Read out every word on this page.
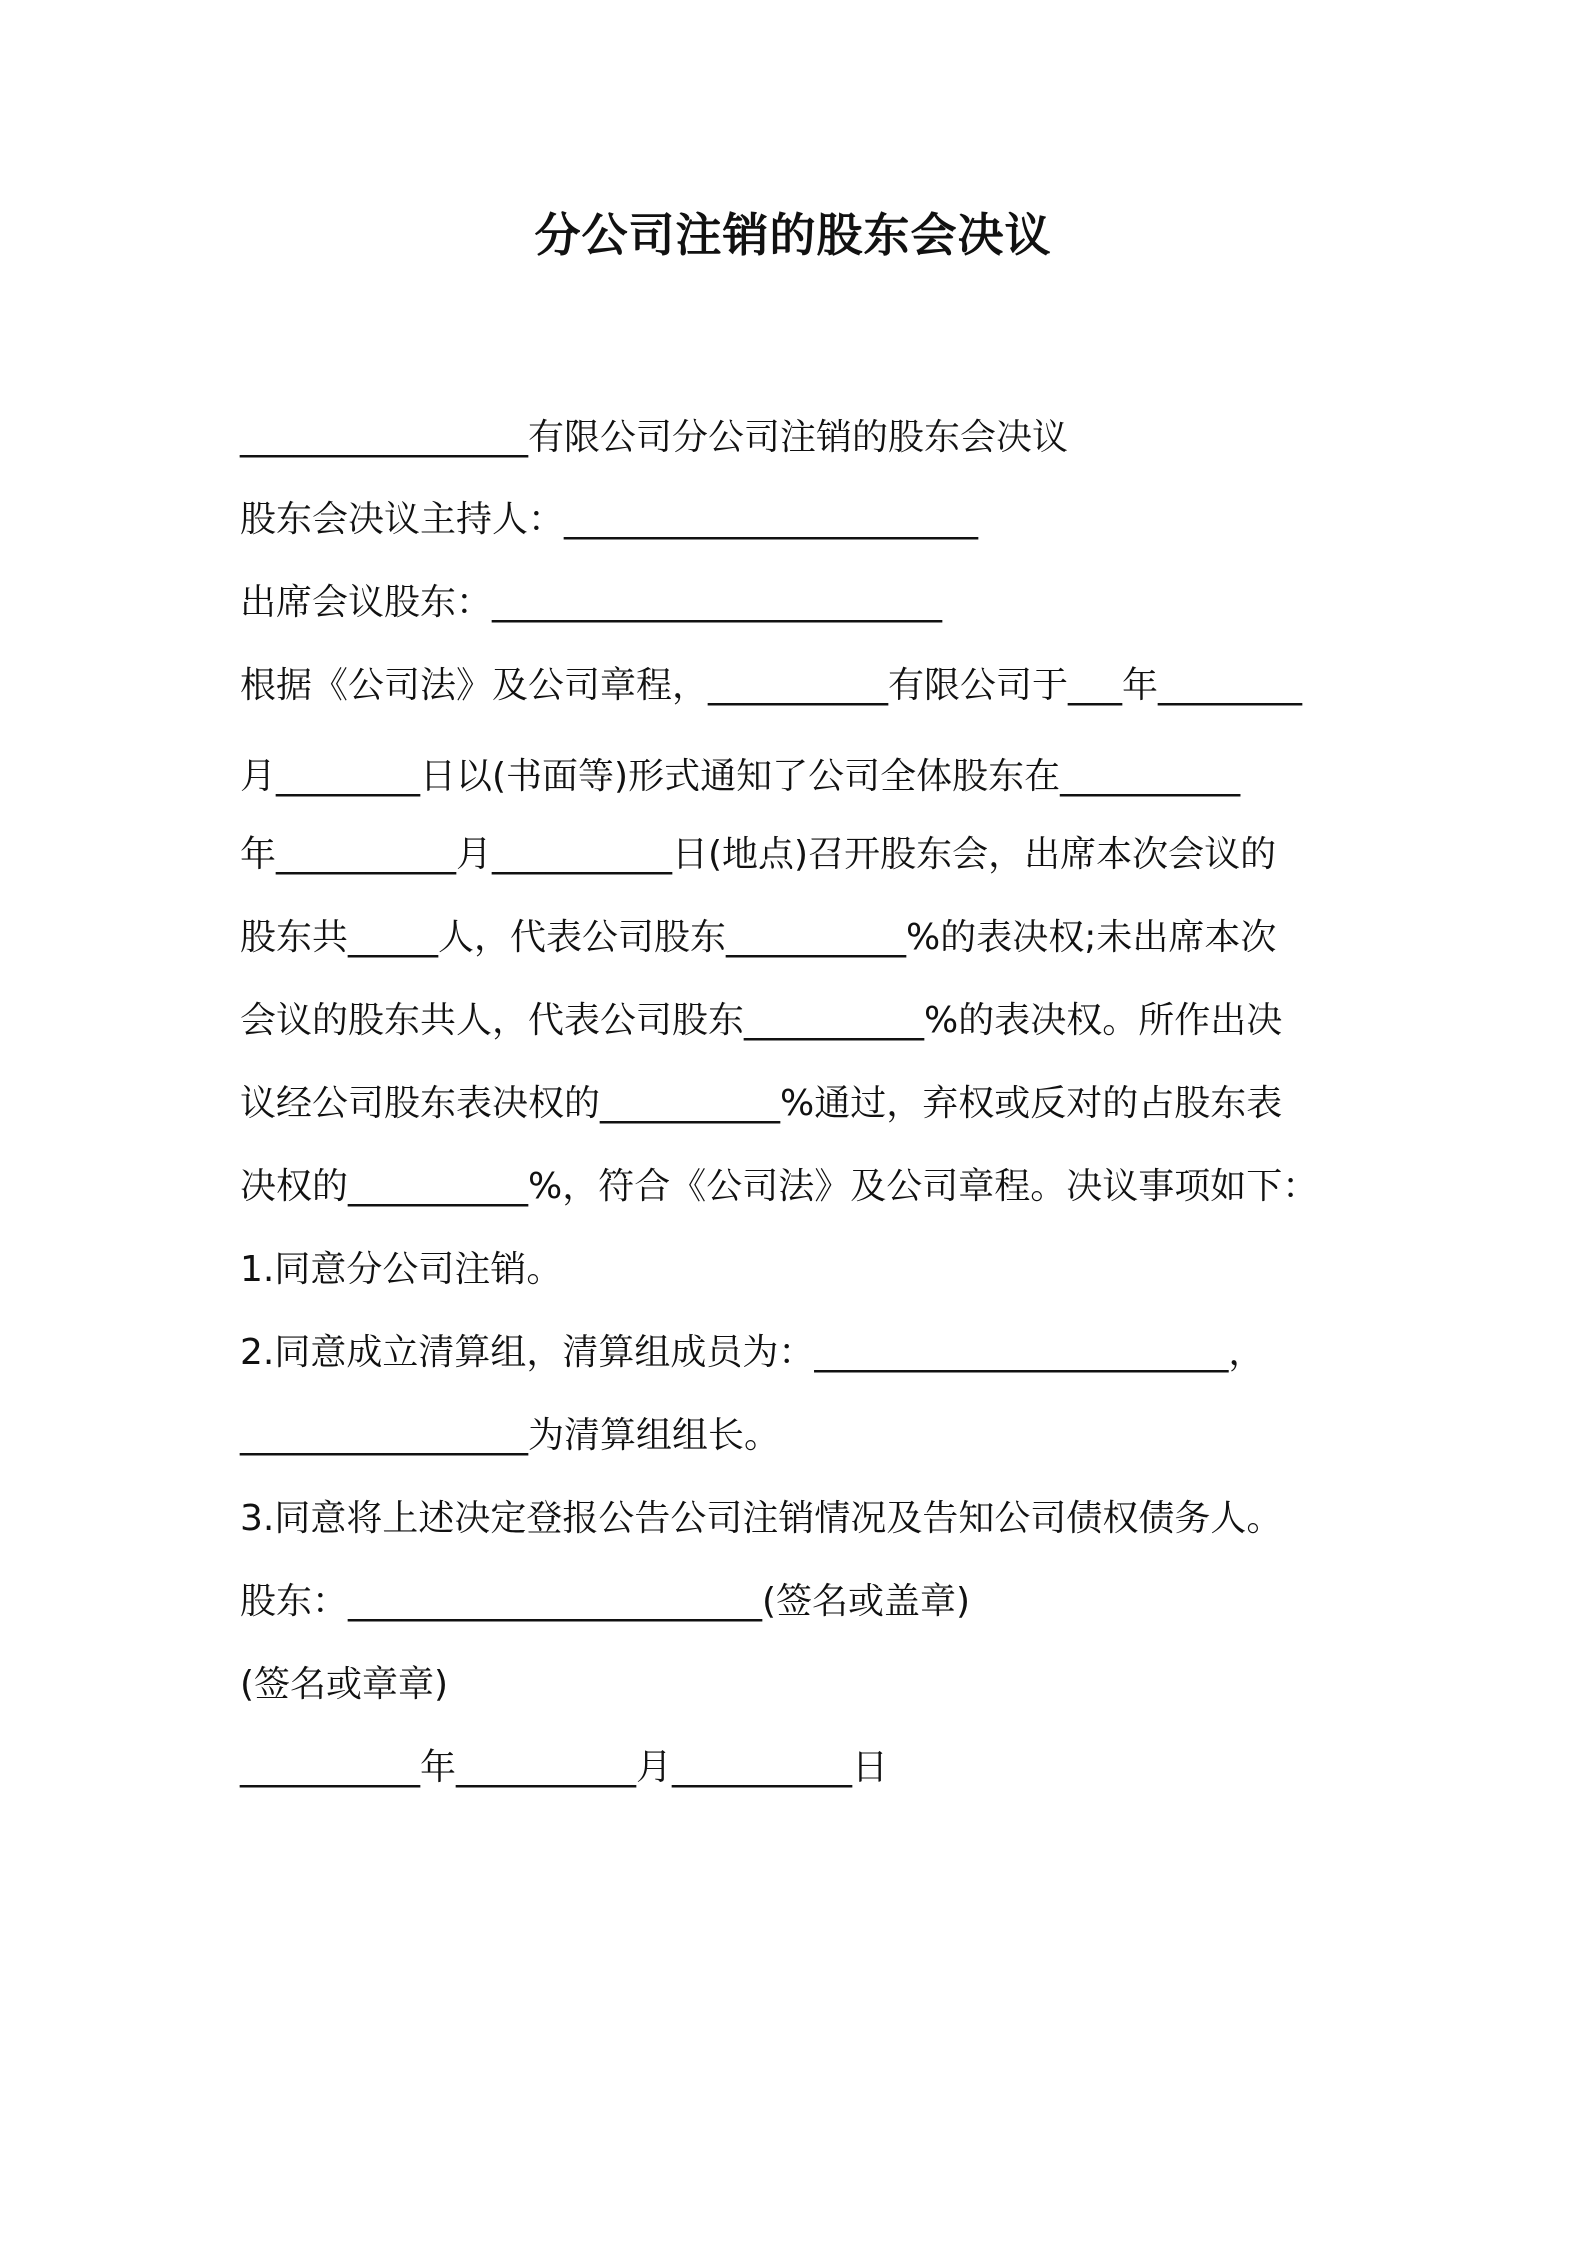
分公司注销的股东会决议
________________有限公司分公司注销的股东会决议
股东会决议主持人：_______________________
出席会议股东：_________________________
根据《公司法》及公司章程，__________有限公司于___年________
月________日以(书面等)形式通知了公司全体股东在__________
年__________月__________日(地点)召开股东会，出席本次会议的
股东共_____人，代表公司股东__________%的表决权;未出席本次
会议的股东共人，代表公司股东__________%的表决权。所作出决
议经公司股东表决权的__________%通过，弃权或反对的占股东表
决权的__________%，符合《公司法》及公司章程。决议事项如下：
1.同意分公司注销。
2.同意成立清算组，清算组成员为：_______________________，
________________为清算组组长。
3.同意将上述决定登报公告公司注销情况及告知公司债权债务人。
股东：_______________________(签名或盖章)
(签名或章章)
__________年__________月__________日
